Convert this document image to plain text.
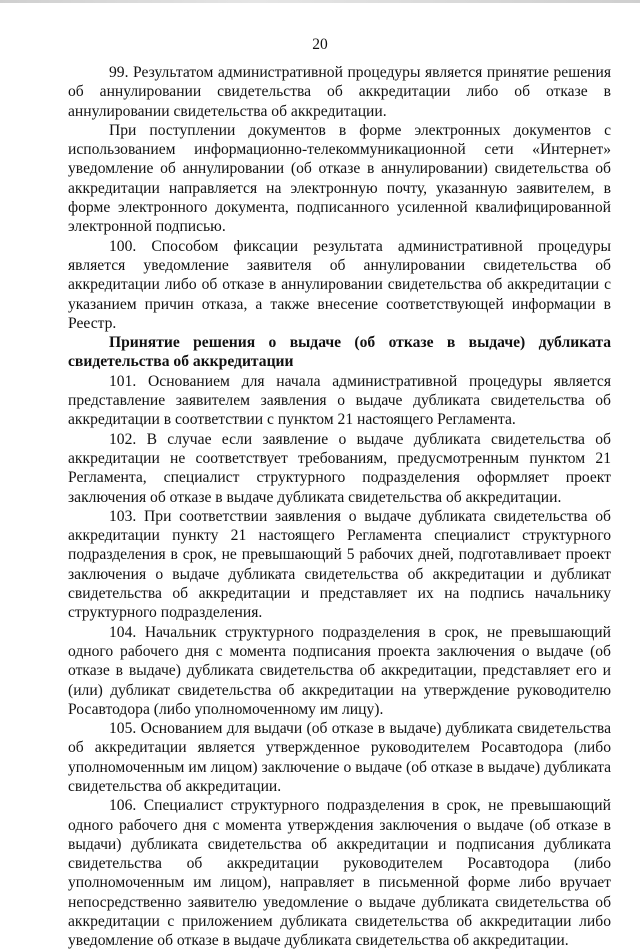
20

99. Результатом административной процедуры является принятие решения об аннулировании свидетельства об аккредитации либо об отказе в аннулировании свидетельства об аккредитации.

При поступлении документов в форме электронных документов с использованием информационно-телекоммуникационной сети «Интернет» уведомление об аннулировании (об отказе в аннулировании) свидетельства об аккредитации направляется на электронную почту, указанную заявителем, в форме электронного документа, подписанного усиленной квалифицированной электронной подписью.

100. Способом фиксации результата административной процедуры является уведомление заявителя об аннулировании свидетельства об аккредитации либо об отказе в аннулировании свидетельства об аккредитации с указанием причин отказа, а также внесение соответствующей информации в Реестр.

Принятие решения о выдаче (об отказе в выдаче) дубликата свидетельства об аккредитации

101. Основанием для начала административной процедуры является представление заявителем заявления о выдаче дубликата свидетельства об аккредитации в соответствии с пунктом 21 настоящего Регламента.

102. В случае если заявление о выдаче дубликата свидетельства об аккредитации не соответствует требованиям, предусмотренным пунктом 21 Регламента, специалист структурного подразделения оформляет проект заключения об отказе в выдаче дубликата свидетельства об аккредитации.

103. При соответствии заявления о выдаче дубликата свидетельства об аккредитации пункту 21 настоящего Регламента специалист структурного подразделения в срок, не превышающий 5 рабочих дней, подготавливает проект заключения о выдаче дубликата свидетельства об аккредитации и дубликат свидетельства об аккредитации и представляет их на подпись начальнику структурного подразделения.

104. Начальник структурного подразделения в срок, не превышающий одного рабочего дня с момента подписания проекта заключения о выдаче (об отказе в выдаче) дубликата свидетельства об аккредитации, представляет его и (или) дубликат свидетельства об аккредитации на утверждение руководителю Росавтодора (либо уполномоченному им лицу).

105. Основанием для выдачи (об отказе в выдаче) дубликата свидетельства об аккредитации является утвержденное руководителем Росавтодора (либо уполномоченным им лицом) заключение о выдаче (об отказе в выдаче) дубликата свидетельства об аккредитации.

106. Специалист структурного подразделения в срок, не превышающий одного рабочего дня с момента утверждения заключения о выдаче (об отказе в выдачи) дубликата свидетельства об аккредитации и подписания дубликата свидетельства об аккредитации руководителем Росавтодора (либо уполномоченным им лицом), направляет в письменной форме либо вручает непосредственно заявителю уведомление о выдаче дубликата свидетельства об аккредитации с приложением дубликата свидетельства об аккредитации либо уведомление об отказе в выдаче дубликата свидетельства об аккредитации.
